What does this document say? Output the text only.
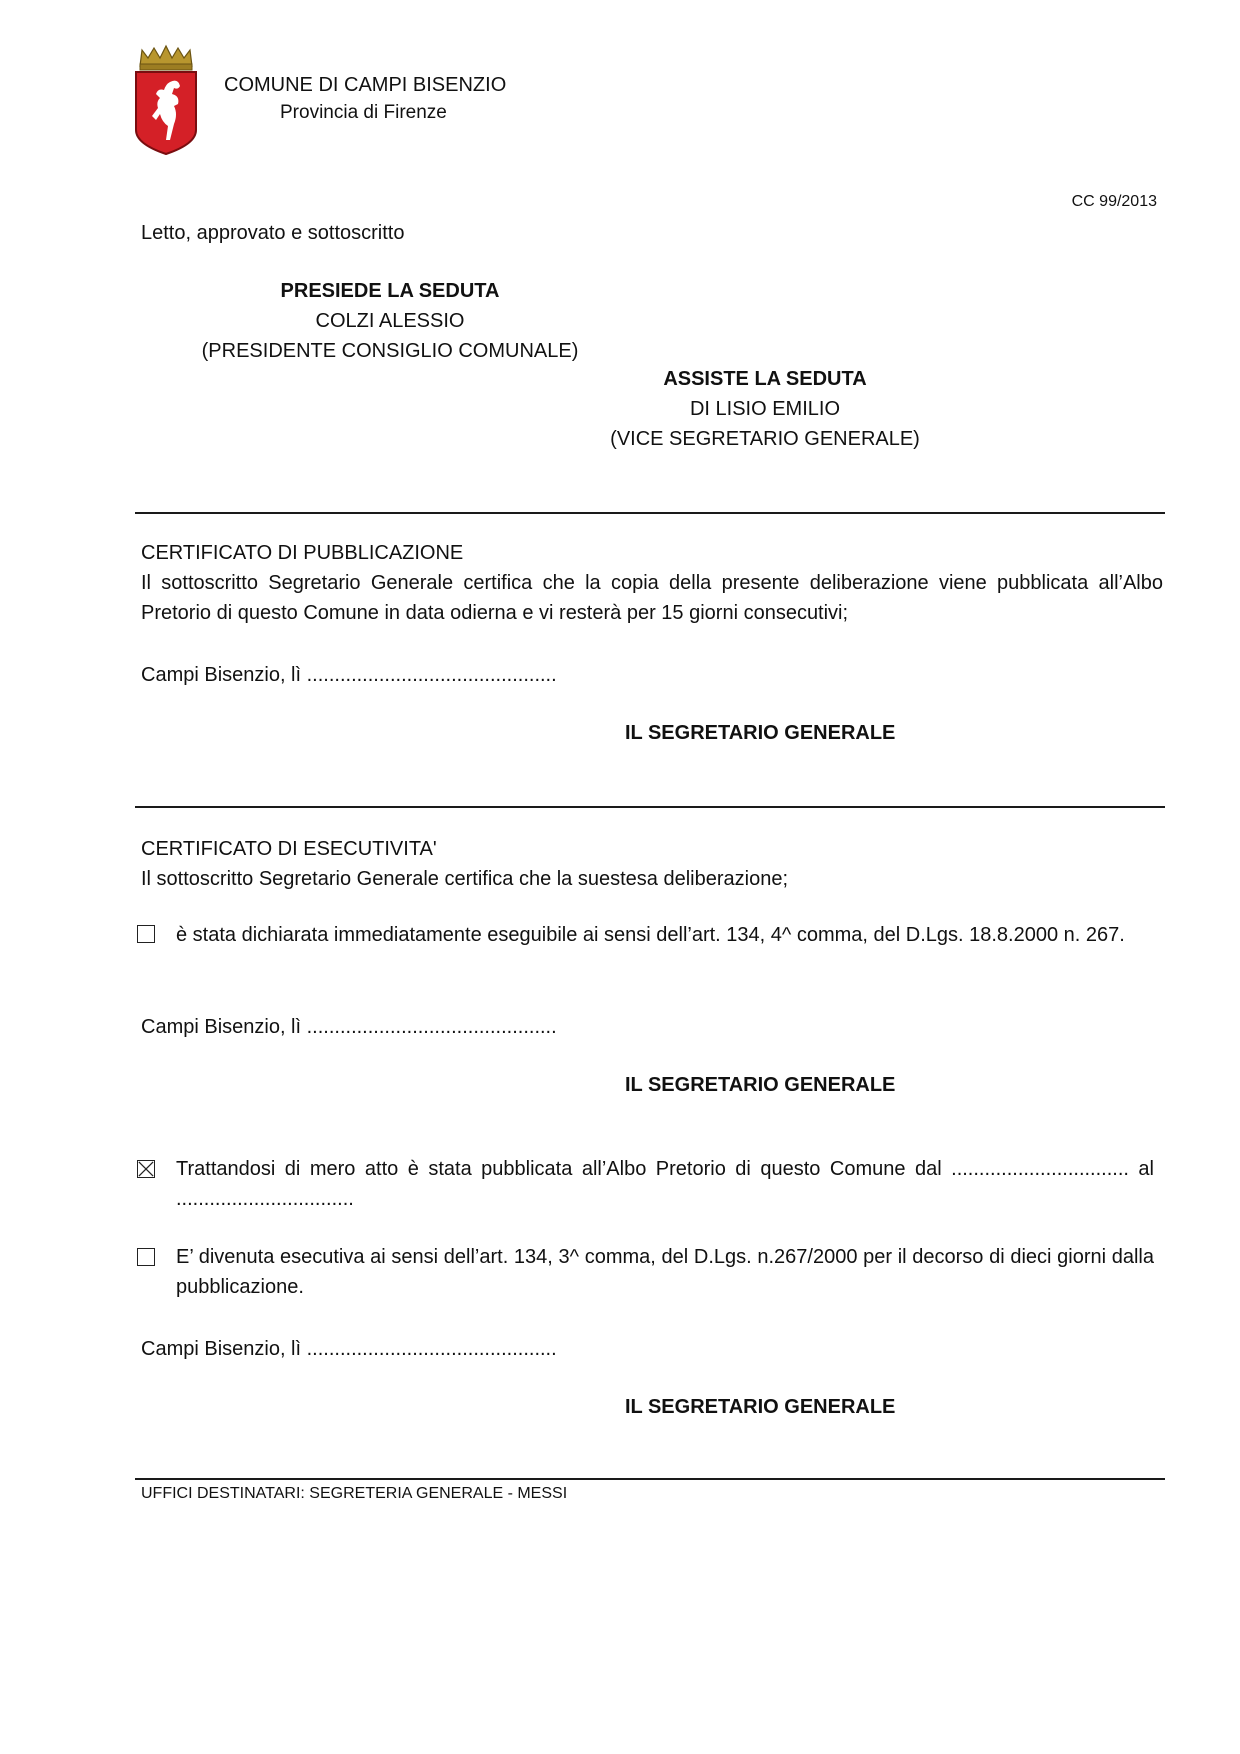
COMUNE DI CAMPI BISENZIO
Provincia di Firenze
CC 99/2013
Letto, approvato e sottoscritto
PRESIEDE LA SEDUTA
COLZI ALESSIO
(PRESIDENTE CONSIGLIO COMUNALE)
ASSISTE LA SEDUTA
DI LISIO EMILIO
(VICE SEGRETARIO GENERALE)
CERTIFICATO DI PUBBLICAZIONE
Il sottoscritto Segretario Generale certifica che la copia della presente deliberazione viene pubblicata all’Albo Pretorio di questo Comune in data odierna e vi resterà per 15 giorni consecutivi;
Campi Bisenzio, lì .............................................
IL SEGRETARIO GENERALE
CERTIFICATO DI ESECUTIVITA'
Il sottoscritto Segretario Generale certifica che la suestesa deliberazione;
è stata dichiarata immediatamente eseguibile ai sensi dell’art. 134, 4^ comma, del D.Lgs. 18.8.2000 n. 267.
Campi Bisenzio, lì .............................................
IL SEGRETARIO GENERALE
Trattandosi di mero atto è stata pubblicata all’Albo Pretorio di questo Comune dal ................................ al ................................
E’ divenuta esecutiva ai sensi dell’art. 134, 3^ comma, del D.Lgs. n.267/2000 per il decorso di dieci giorni dalla pubblicazione.
Campi Bisenzio, lì .............................................
IL SEGRETARIO GENERALE
UFFICI DESTINATARI: SEGRETERIA GENERALE - MESSI
